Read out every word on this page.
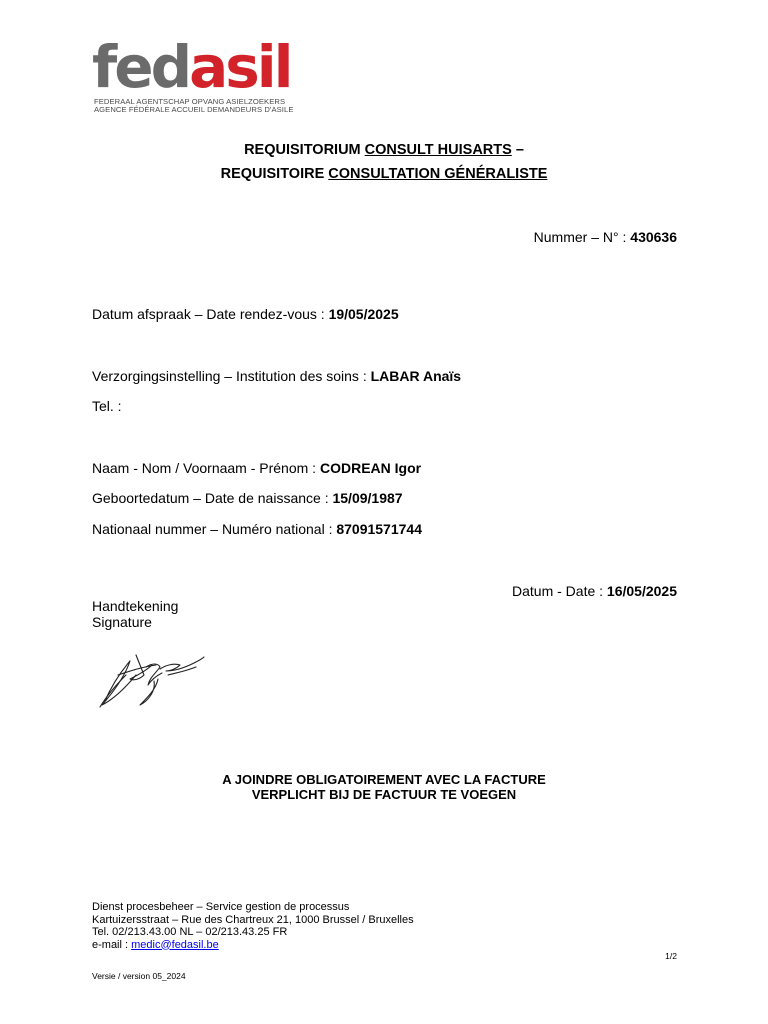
fedasil
FEDERAAL AGENTSCHAP OPVANG ASIELZOEKERS
AGENCE FÉDÉRALE ACCUEIL DEMANDEURS D'ASILE
REQUISITORIUM CONSULT HUISARTS –
REQUISITOIRE CONSULTATION GÉNÉRALISTE
Nummer – N° : 430636
Datum afspraak – Date rendez-vous : 19/05/2025
Verzorgingsinstelling – Institution des soins : LABAR Anaïs
Tel. :
Naam - Nom / Voornaam - Prénom : CODREAN Igor
Geboortedatum – Date de naissance : 15/09/1987
Nationaal nummer – Numéro national : 87091571744
Datum - Date : 16/05/2025
Handtekening
Signature
A JOINDRE OBLIGATOIREMENT AVEC LA FACTURE
VERPLICHT BIJ DE FACTUUR TE VOEGEN
Dienst procesbeheer – Service gestion de processus
Kartuizersstraat – Rue des Chartreux 21, 1000 Brussel / Bruxelles
Tel. 02/213.43.00 NL – 02/213.43.25 FR
e-mail : medic@fedasil.be
1/2
Versie / version 05_2024
